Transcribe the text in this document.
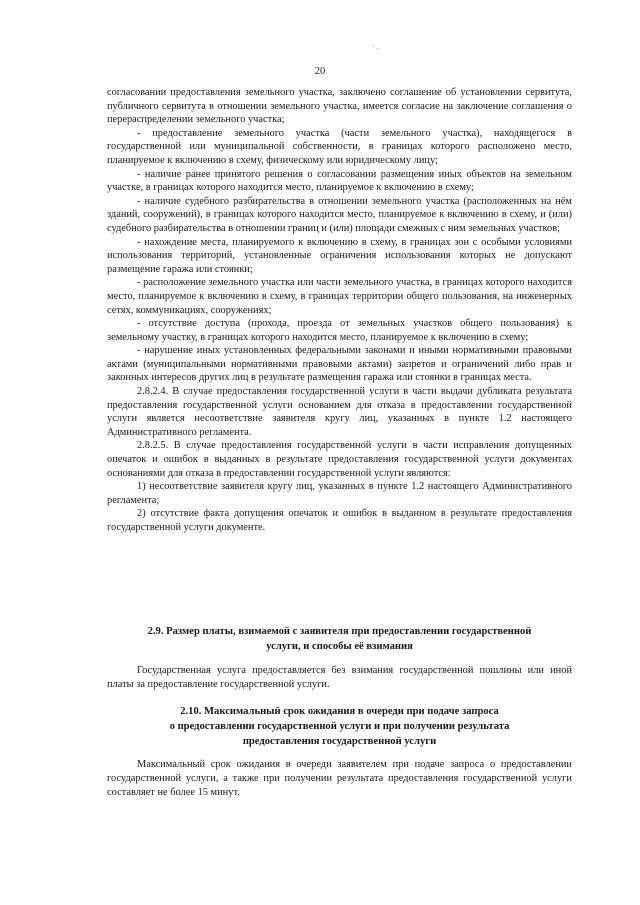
· .
20

согласовании предоставления земельного участка, заключено соглашение об установлении сервитута, публичного сервитута в отношении земельного участка, имеется согласие на заключение соглашения о перераспределении земельного участка;

- предоставление земельного участка (части земельного участка), находящегося в государственной или муниципальной собственности, в границах которого расположено место, планируемое к включению в схему, физическому или юридическому лицу;

- наличие ранее принятого решения о согласовании размещения иных объектов на земельном участке, в границах которого находится место, планируемое к включению в схему;

- наличие судебного разбирательства в отношении земельного участка (расположенных на нём зданий, сооружений), в границах которого находится место, планируемое к включению в схему, и (или) судебного разбирательства в отношении границ и (или) площади смежных с ним земельных участков;

- нахождение места, планируемого к включению в схему, в границах зон с особыми условиями использования территорий, установленные ограничения использования которых не допускают размещение гаража или стоянки;

- расположение земельного участка или части земельного участка, в границах которого находится место, планируемое к включению в схему, в границах территории общего пользования, на инженерных сетях, коммуникациях, сооружениях;

- отсутствие доступа (прохода, проезда от земельных участков общего пользования) к земельному участку, в границах которого находится место, планируемое к включению в схему;

- нарушение иных установленных федеральными законами и иными нормативными правовыми актами (муниципальными нормативными правовыми актами) запретов и ограничений либо прав и законных интересов других лиц в результате размещения гаража или стоянки в границах места.

2.8.2.4. В случае предоставления государственной услуги в части выдачи дубликата результата предоставления государственной услуги основанием для отказа в предоставлении государственной услуги является несоответствие заявителя кругу лиц, указанных в пункте 1.2 настоящего Административного регламента.

2.8.2.5. В случае предоставления государственной услуги в части исправления допущенных опечаток и ошибок в выданных в результате предоставления государственной услуги документах основаниями для отказа в предоставлении государственной услуги являются:

1) несоответствие заявителя кругу лиц, указанных в пункте 1.2 настоящего Административного регламента;

2) отсутствие факта допущения опечаток и ошибок в выданном в результате предоставления государственной услуги документе.

2.9. Размер платы, взимаемой с заявителя при предоставлении государственной
услуги, и способы её взимания

Государственная услуга предоставляется без взимания государственной пошлины или иной платы за предоставление государственной услуги.

2.10. Максимальный срок ожидания в очереди при подаче запроса
о предоставлении государственной услуги и при получении результата
предоставления государственной услуги

Максимальный срок ожидания в очереди заявителем при подаче запроса о предоставлении государственной услуги, а также при получении результата предоставления государственной услуги составляет не более 15 минут.
